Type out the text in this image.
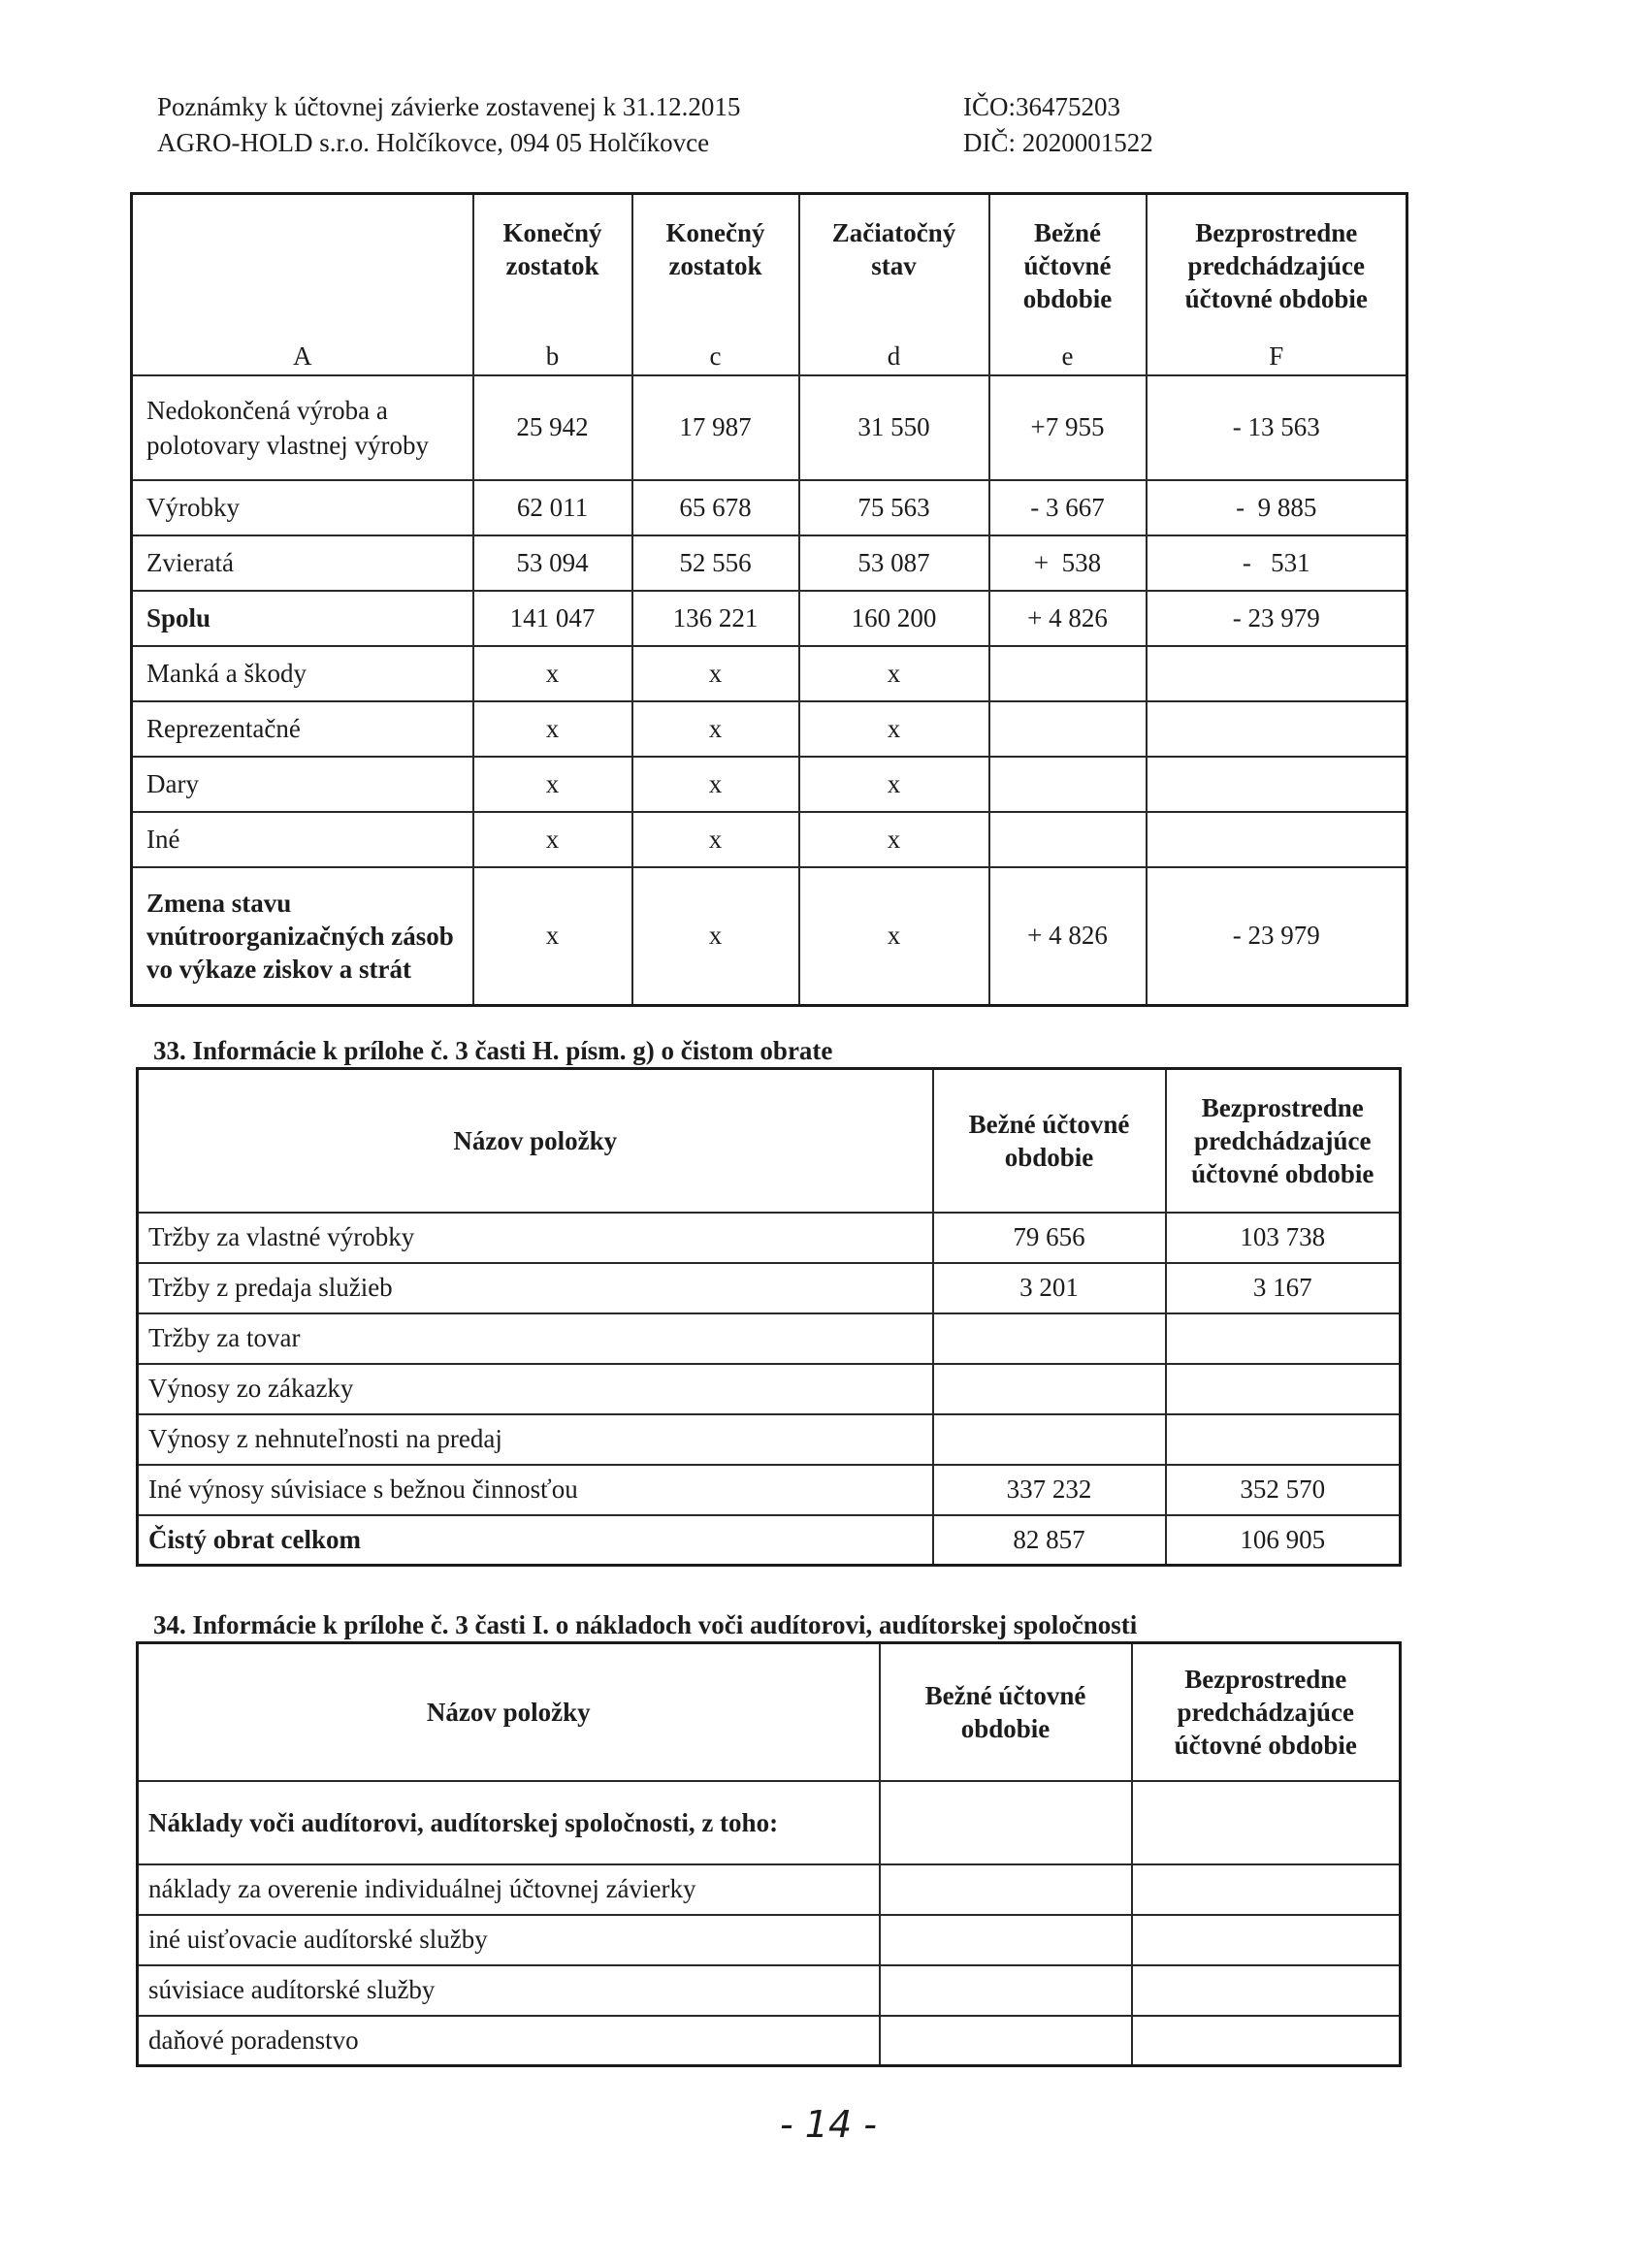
Poznámky k účtovnej závierke zostavenej k 31.12.2015
AGRO-HOLD s.r.o. Holčíkovce, 094 05 Holčíkovce
IČO:36475203
DIČ: 2020001522
	Konečný zostatok	Konečný zostatok	Začiatočný stav	Bežné účtovné obdobie	Bezprostredne predchádzajúce účtovné obdobie
A	b	c	d	e	F
Nedokončená výroba a polotovary vlastnej výroby	25 942	17 987	31 550	+7 955	- 13 563
Výrobky	62 011	65 678	75 563	- 3 667	-  9 885
Zvieratá	53 094	52 556	53 087	+  538	-   531
Spolu	141 047	136 221	160 200	+ 4 826	- 23 979
Manká a škody	x	x	x		
Reprezentačné	x	x	x		
Dary	x	x	x		
Iné	x	x	x		
Zmena stavu vnútroorganizačných zásob vo výkaze ziskov a strát	x	x	x	+ 4 826	- 23 979
33. Informácie k prílohe č. 3 časti H. písm. g) o čistom obrate
Názov položky	Bežné účtovné obdobie	Bezprostredne predchádzajúce účtovné obdobie
Tržby za vlastné výrobky	79 656	103 738
Tržby z predaja služieb	3 201	3 167
Tržby za tovar		
Výnosy zo zákazky		
Výnosy z nehnuteľnosti na predaj		
Iné výnosy súvisiace s bežnou činnosťou	337 232	352 570
Čistý obrat celkom	82 857	106 905
34. Informácie k prílohe č. 3 časti I. o nákladoch voči audítorovi, audítorskej spoločnosti
Názov položky	Bežné účtovné obdobie	Bezprostredne predchádzajúce účtovné obdobie
Náklady voči audítorovi, audítorskej spoločnosti, z toho:		
náklady za overenie individuálnej účtovnej závierky		
iné uisťovacie audítorské služby		
súvisiace audítorské služby		
daňové poradenstvo		
- 14 -
